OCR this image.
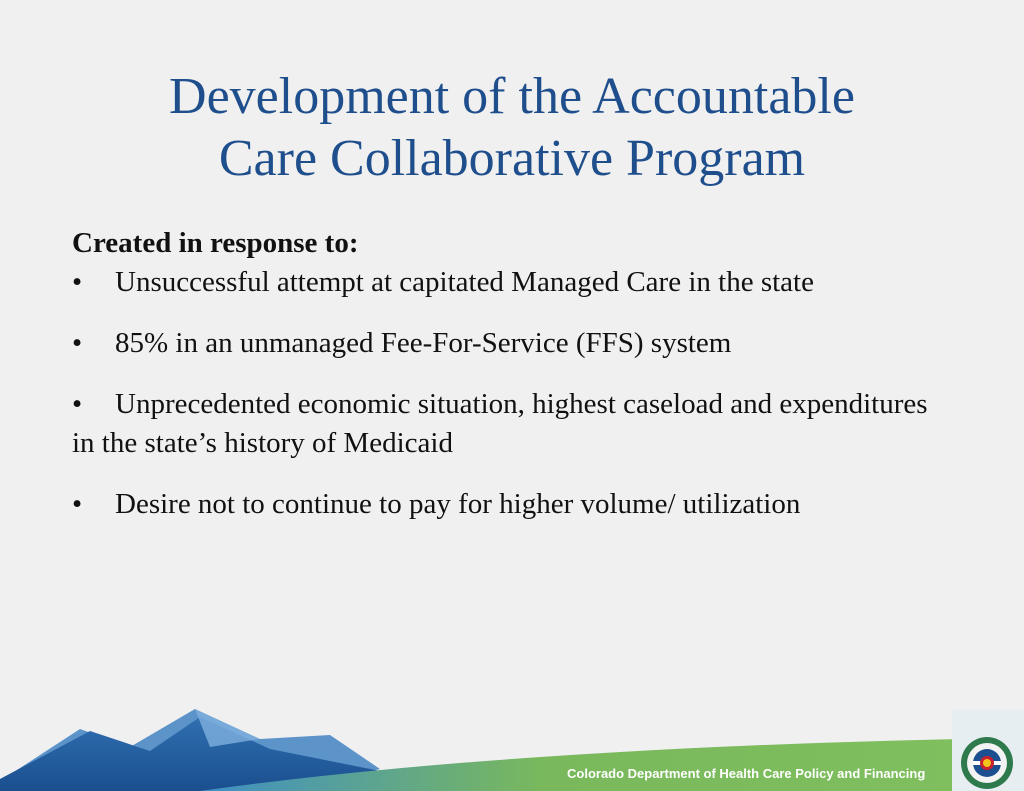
Development of the Accountable
Care Collaborative Program
Created in response to:
• Unsuccessful attempt at capitated Managed Care in the state
• 85% in an unmanaged Fee-For-Service (FFS) system
• Unprecedented economic situation, highest caseload and expenditures in the state’s history of Medicaid
• Desire not to continue to pay for higher volume/ utilization
Colorado Department of Health Care Policy and Financing
